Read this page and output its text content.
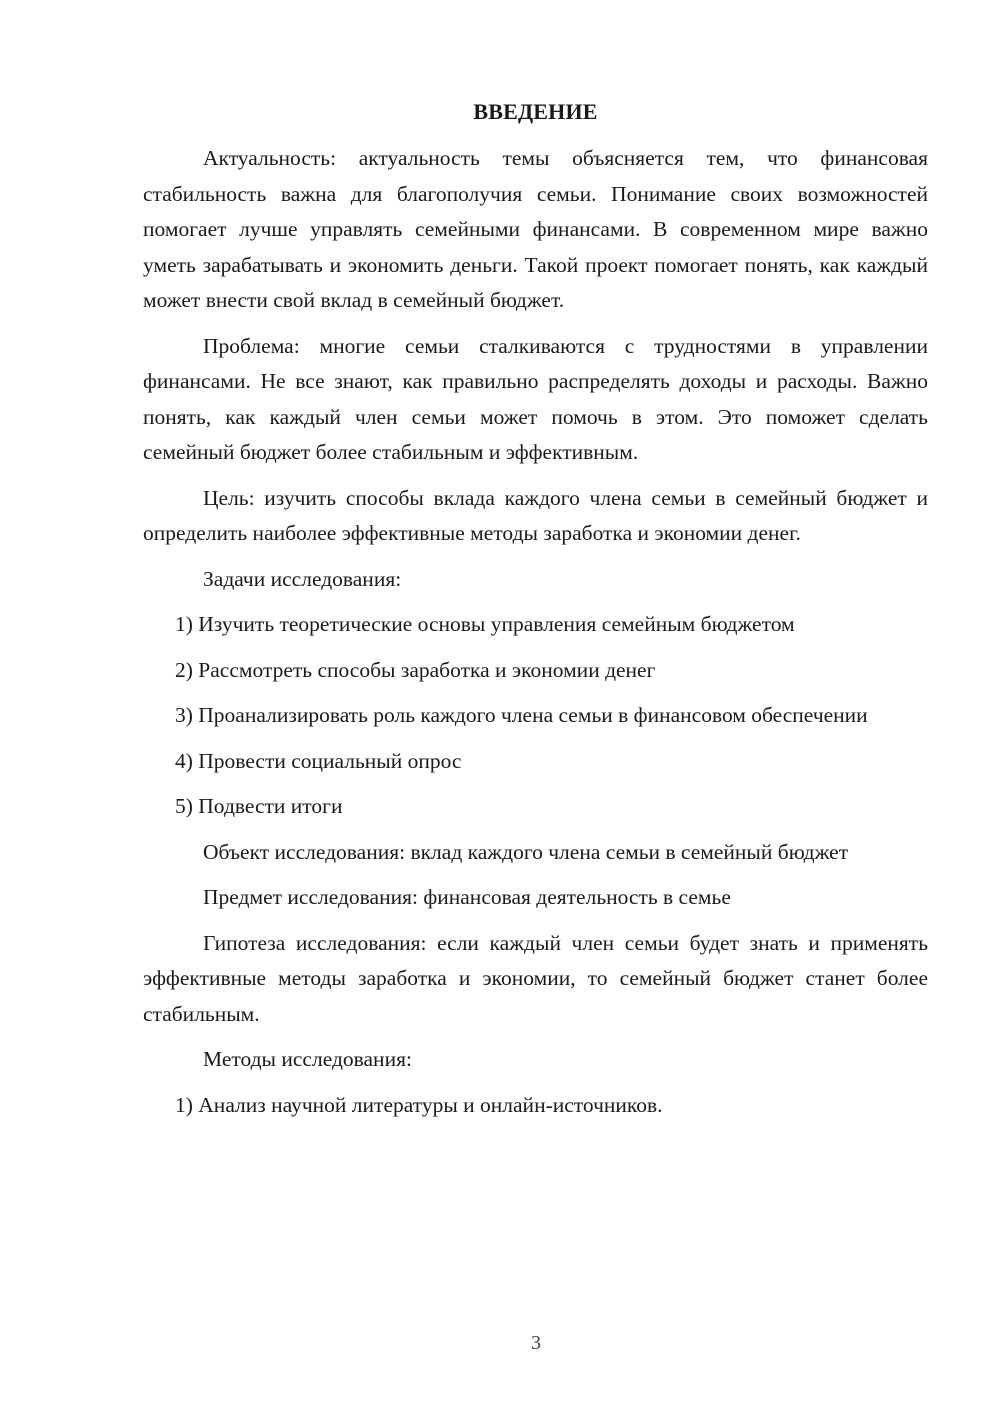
ВВЕДЕНИЕ

Актуальность: актуальность темы объясняется тем, что финансовая стабильность важна для благополучия семьи. Понимание своих возможностей помогает лучше управлять семейными финансами. В современном мире важно уметь зарабатывать и экономить деньги. Такой проект помогает понять, как каждый может внести свой вклад в семейный бюджет.

Проблема: многие семьи сталкиваются с трудностями в управлении финансами. Не все знают, как правильно распределять доходы и расходы. Важно понять, как каждый член семьи может помочь в этом. Это поможет сделать семейный бюджет более стабильным и эффективным.

Цель: изучить способы вклада каждого члена семьи в семейный бюджет и определить наиболее эффективные методы заработка и экономии денег.

Задачи исследования:

1) Изучить теоретические основы управления семейным бюджетом

2) Рассмотреть способы заработка и экономии денег

3) Проанализировать роль каждого члена семьи в финансовом обеспечении

4) Провести социальный опрос

5) Подвести итоги

Объект исследования: вклад каждого члена семьи в семейный бюджет

Предмет исследования: финансовая деятельность в семье

Гипотеза исследования: если каждый член семьи будет знать и применять эффективные методы заработка и экономии, то семейный бюджет станет более стабильным.

Методы исследования:

1) Анализ научной литературы и онлайн-источников.

3
